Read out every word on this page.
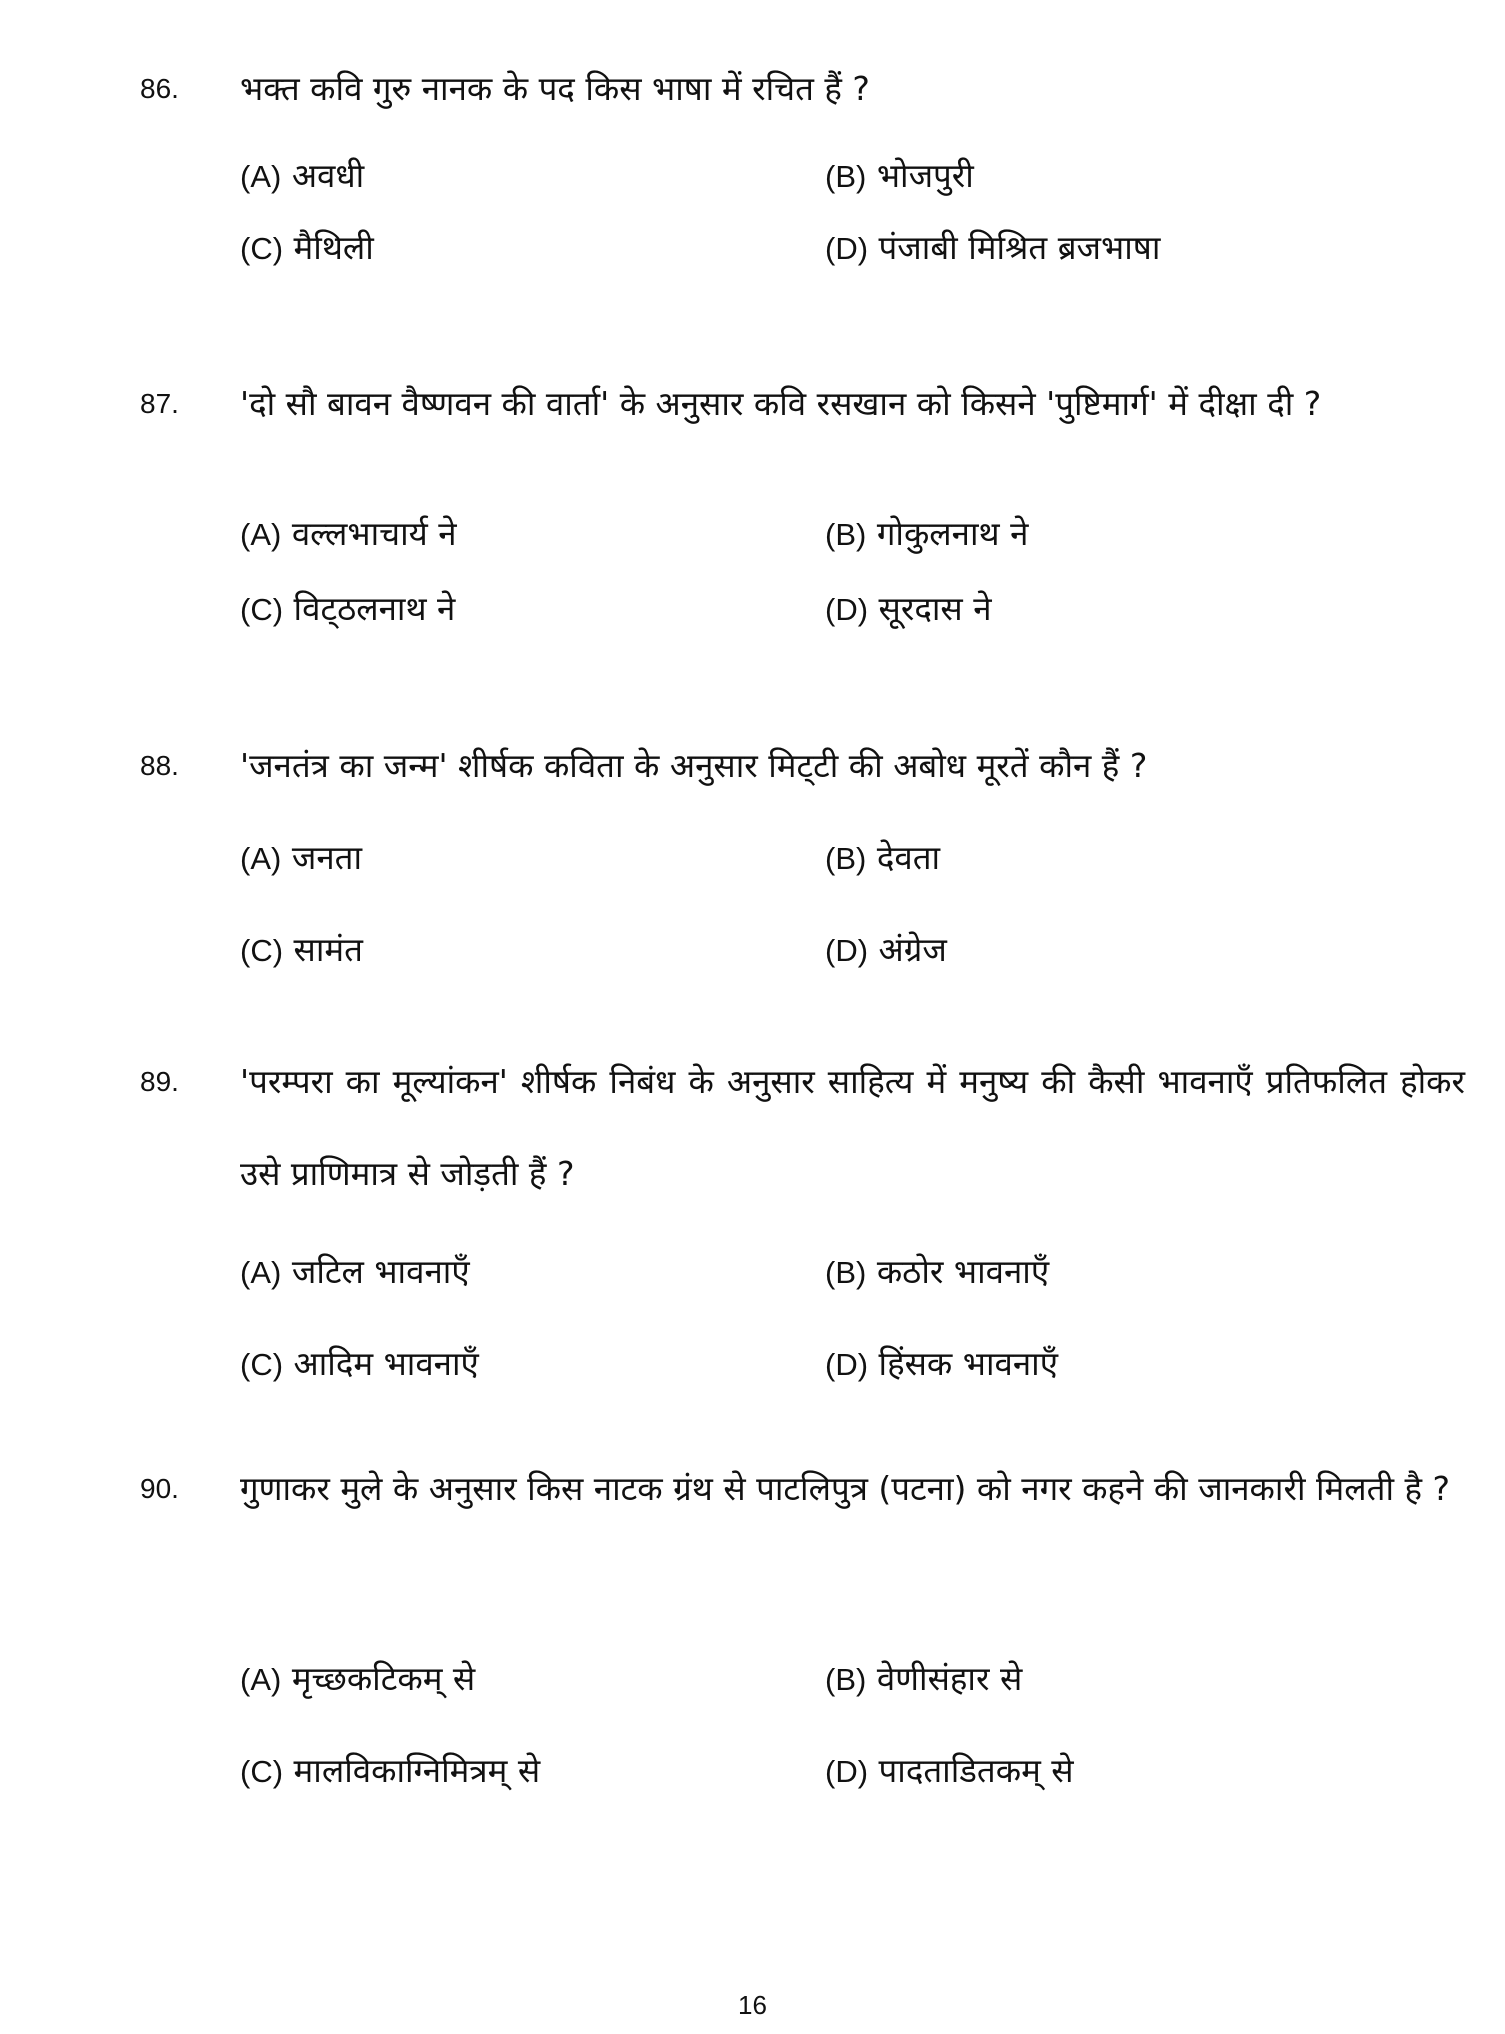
86. भक्त कवि गुरु नानक के पद किस भाषा में रचित हैं ?
(A) अवधी	(B) भोजपुरी
(C) मैथिली	(D) पंजाबी मिश्रित ब्रजभाषा
87. 'दो सौ बावन वैष्णवन की वार्ता' के अनुसार कवि रसखान को किसने 'पुष्टिमार्ग' में दीक्षा दी ?
(A) वल्लभाचार्य ने	(B) गोकुलनाथ ने
(C) विट्‌ठलनाथ ने	(D) सूरदास ने
88. 'जनतंत्र का जन्म' शीर्षक कविता के अनुसार मिट्‌टी की अबोध मूरतें कौन हैं ?
(A) जनता	(B) देवता
(C) सामंत	(D) अंग्रेज
89. 'परम्परा का मूल्यांकन' शीर्षक निबंध के अनुसार साहित्य में मनुष्य की कैसी भावनाएँ प्रतिफलित होकर उसे प्राणिमात्र से जोड़ती हैं ?
(A) जटिल भावनाएँ	(B) कठोर भावनाएँ
(C) आदिम भावनाएँ	(D) हिंसक भावनाएँ
90. गुणाकर मुले के अनुसार किस नाटक ग्रंथ से पाटलिपुत्र (पटना) को नगर कहने की जानकारी मिलती है ?
(A) मृच्छकटिकम् से	(B) वेणीसंहार से
(C) मालविकाग्निमित्रम् से	(D) पादताडितकम् से
16
